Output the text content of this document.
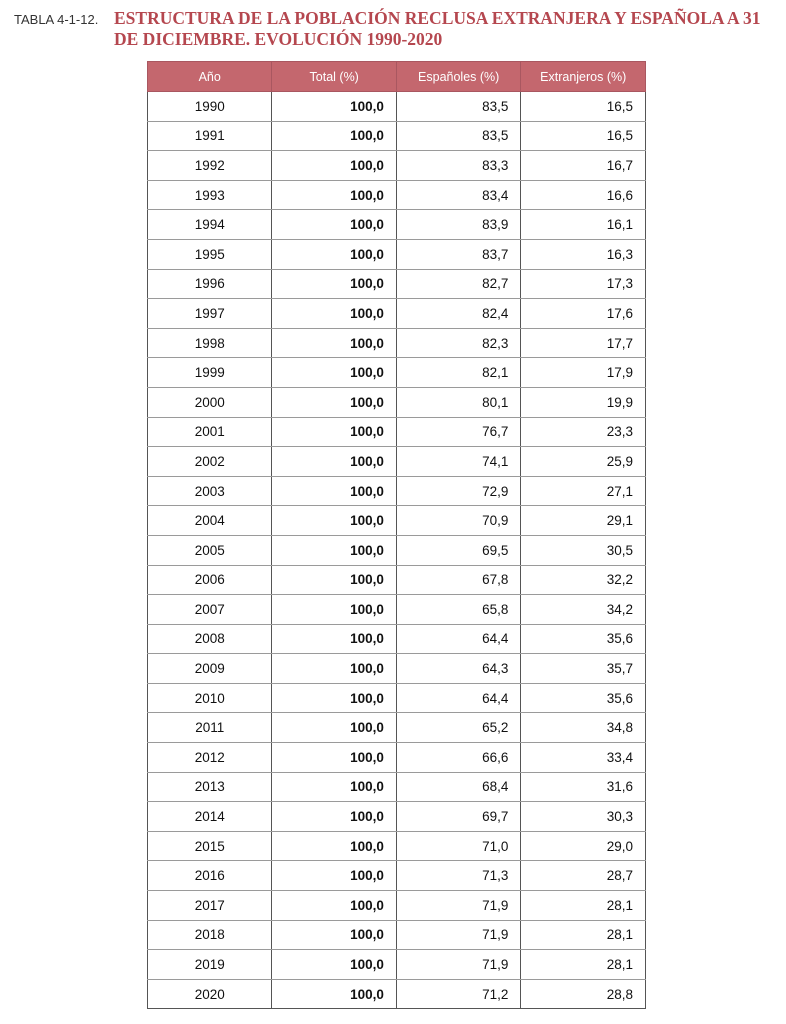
TABLA 4-1-12. ESTRUCTURA DE LA POBLACIÓN RECLUSA EXTRANJERA Y ESPAÑOLA A 31 DE DICIEMBRE. EVOLUCIÓN 1990-2020
Año	Total (%)	Españoles (%)	Extranjeros (%)
1990	100,0	83,5	16,5
1991	100,0	83,5	16,5
1992	100,0	83,3	16,7
1993	100,0	83,4	16,6
1994	100,0	83,9	16,1
1995	100,0	83,7	16,3
1996	100,0	82,7	17,3
1997	100,0	82,4	17,6
1998	100,0	82,3	17,7
1999	100,0	82,1	17,9
2000	100,0	80,1	19,9
2001	100,0	76,7	23,3
2002	100,0	74,1	25,9
2003	100,0	72,9	27,1
2004	100,0	70,9	29,1
2005	100,0	69,5	30,5
2006	100,0	67,8	32,2
2007	100,0	65,8	34,2
2008	100,0	64,4	35,6
2009	100,0	64,3	35,7
2010	100,0	64,4	35,6
2011	100,0	65,2	34,8
2012	100,0	66,6	33,4
2013	100,0	68,4	31,6
2014	100,0	69,7	30,3
2015	100,0	71,0	29,0
2016	100,0	71,3	28,7
2017	100,0	71,9	28,1
2018	100,0	71,9	28,1
2019	100,0	71,9	28,1
2020	100,0	71,2	28,8
